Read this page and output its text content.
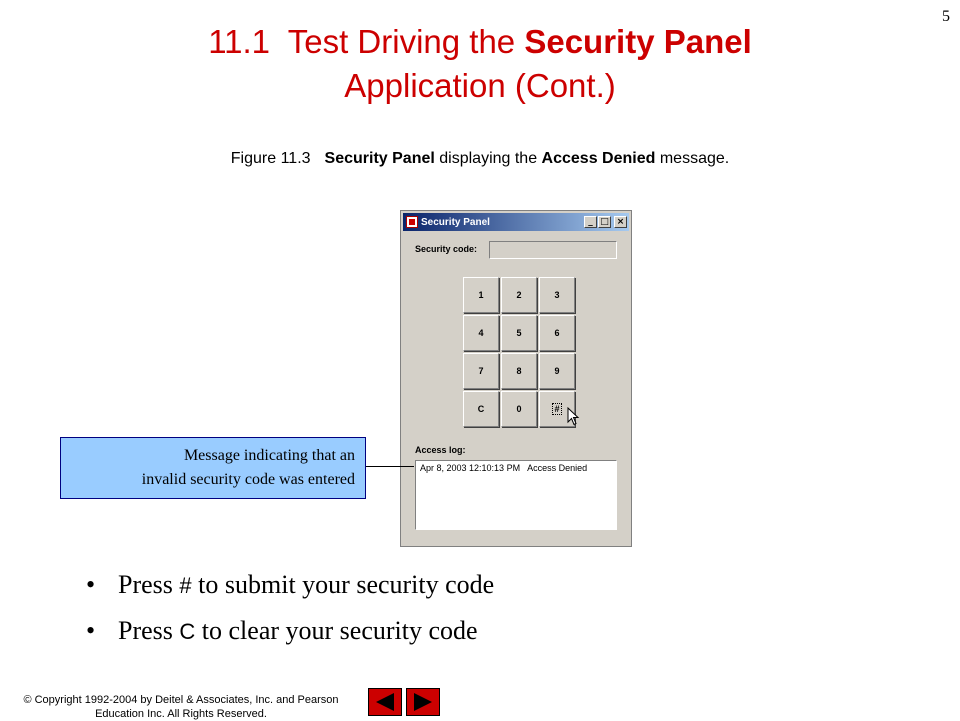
5
11.1  Test Driving the Security Panel
Application (Cont.)
Figure 11.3 Security Panel displaying the Access Denied message.
Security Panel	_ □ ×
Security code:
1	2	3
4	5	6
7	8	9
C	0	#
Access log:
Apr 8, 2003 12:10:13 PM   Access Denied
Message indicating that an
invalid security code was entered
• Press # to submit your security code
• Press C to clear your security code
© Copyright 1992-2004 by Deitel & Associates, Inc. and Pearson
Education Inc. All Rights Reserved.
